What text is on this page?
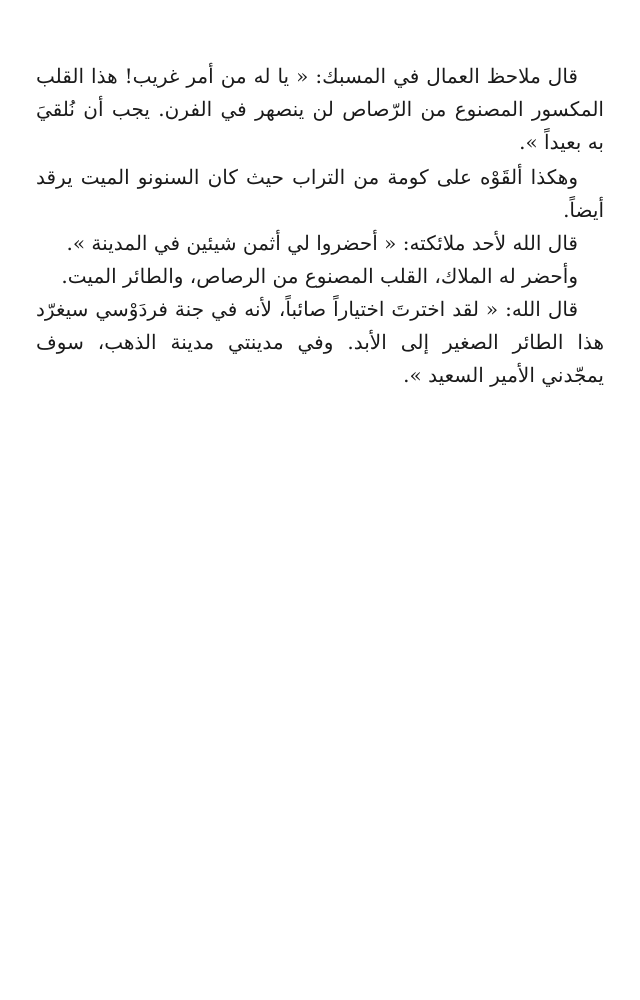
قال ملاحظ العمال في المسبك: « يا له من أمر غريب! هذا القلب المكسور المصنوع من الرّصاص لن ينصهر في الفرن. يجب أن نُلقيَ به بعيداً ».

وهكذا ألقَوْه على كومة من التراب حيث كان السنونو الميت يرقد أيضاً.

قال الله لأحد ملائكته: « أحضروا لي أثمن شيئين في المدينة ».

وأحضر له الملاك، القلب المصنوع من الرصاص، والطائر الميت.

قال الله: « لقد اخترتَ اختياراً صائباً، لأنه في جنة فردَوْسي سيغرّد هذا الطائر الصغير إلى الأبد. وفي مدينتي مدينة الذهب، سوف يمجّدني الأمير السعيد ».
